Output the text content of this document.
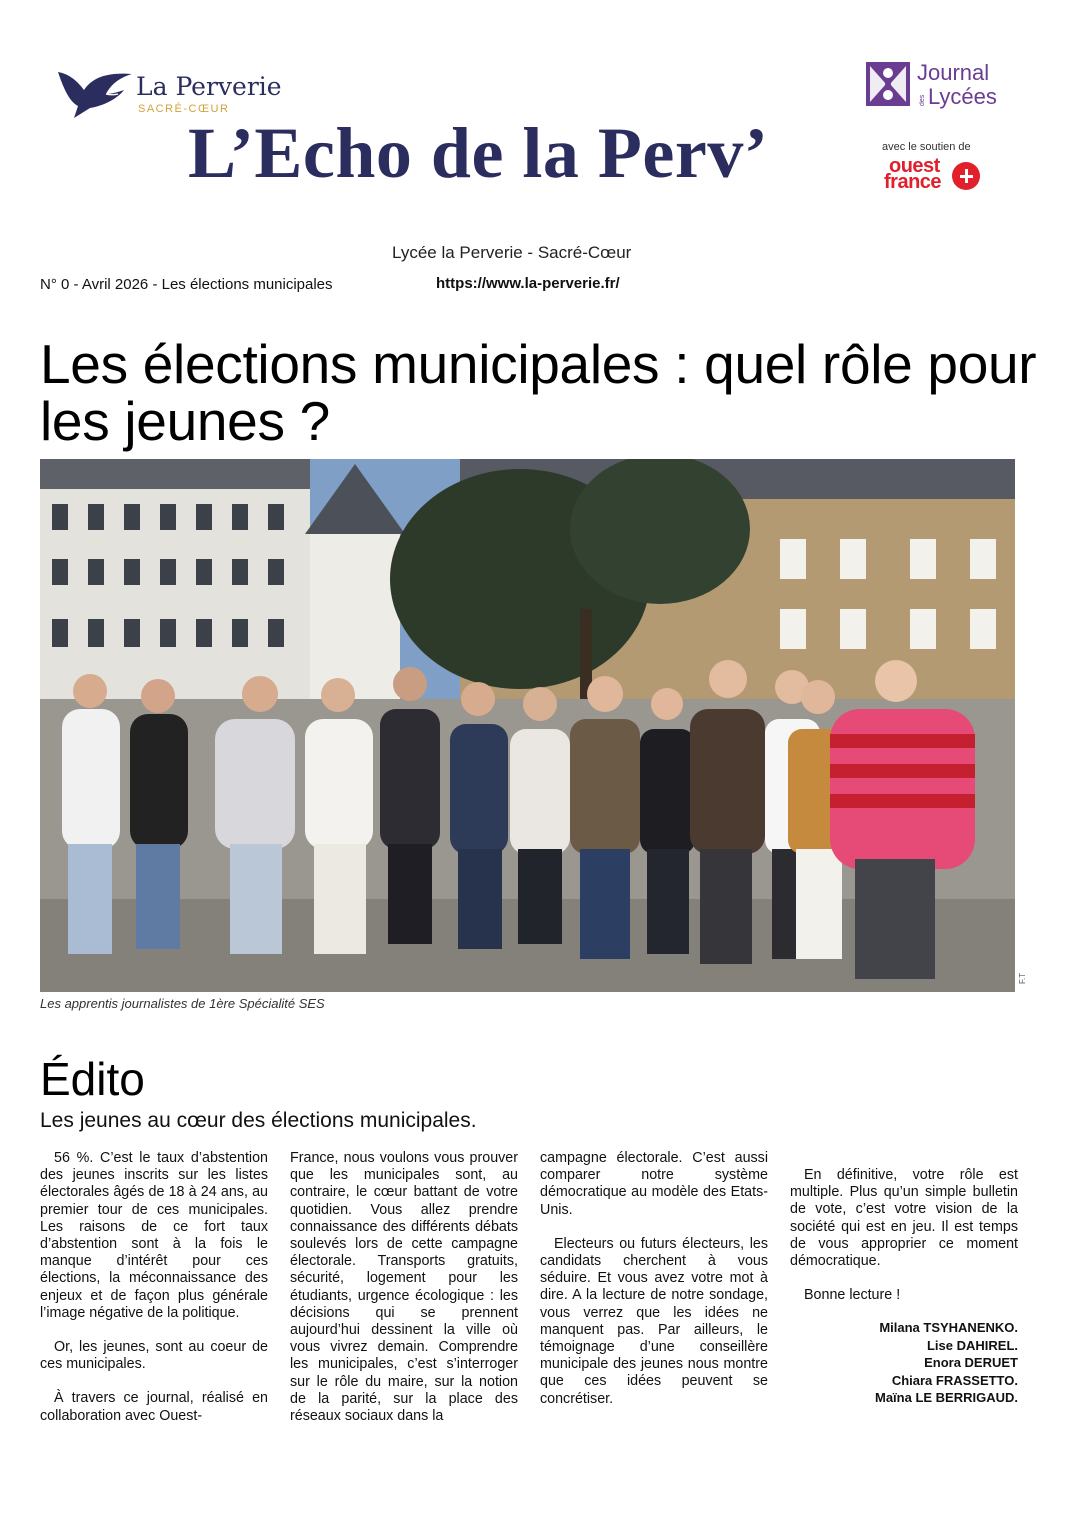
La Perverie
SACRÉ-CŒUR
L’Echo de la Perv’
Journal
des Lycées
avec le soutien de
ouest
france
Lycée la Perverie - Sacré-Cœur
N° 0 - Avril 2026 - Les élections municipales	https://www.la-perverie.fr/
Les élections municipales : quel rôle pour les jeunes ?
F.T
Les apprentis journalistes de 1ère Spécialité SES
Édito
Les jeunes au cœur des élections municipales.

56 %. C’est le taux d’abstention des jeunes inscrits sur les listes électorales âgés de 18 à 24 ans, au premier tour de ces municipales. Les raisons de ce fort taux d’abstention sont à la fois le manque d’intérêt pour ces élections, la méconnaissance des enjeux et de façon plus générale l’image négative de la politique.

Or, les jeunes, sont au coeur de ces municipales.

À travers ce journal, réalisé en collaboration avec Ouest-

France, nous voulons vous prouver que les municipales sont, au contraire, le cœur battant de votre quotidien. Vous allez prendre connaissance des différents débats soulevés lors de cette campagne électorale. Transports gratuits, sécurité, logement pour les étudiants, urgence écologique : les décisions qui se prennent aujourd’hui dessinent la ville où vous vivrez demain. Comprendre les municipales, c’est s’interroger sur le rôle du maire, sur la notion de la parité, sur la place des réseaux sociaux dans la

campagne électorale. C’est aussi comparer notre système démocratique au modèle des Etats-Unis.

Electeurs ou futurs électeurs, les candidats cherchent à vous séduire. Et vous avez votre mot à dire. A la lecture de notre sondage, vous verrez que les idées ne manquent pas. Par ailleurs, le témoignage d’une conseillère municipale des jeunes nous montre que ces idées peuvent se concrétiser.

En définitive, votre rôle est multiple. Plus qu’un simple bulletin de vote, c’est votre vision de la société qui est en jeu. Il est temps de vous approprier ce moment démocratique.

Bonne lecture !

Milana TSYHANENKO.
Lise DAHIREL.
Enora DERUET
Chiara FRASSETTO.
Maïna LE BERRIGAUD.
